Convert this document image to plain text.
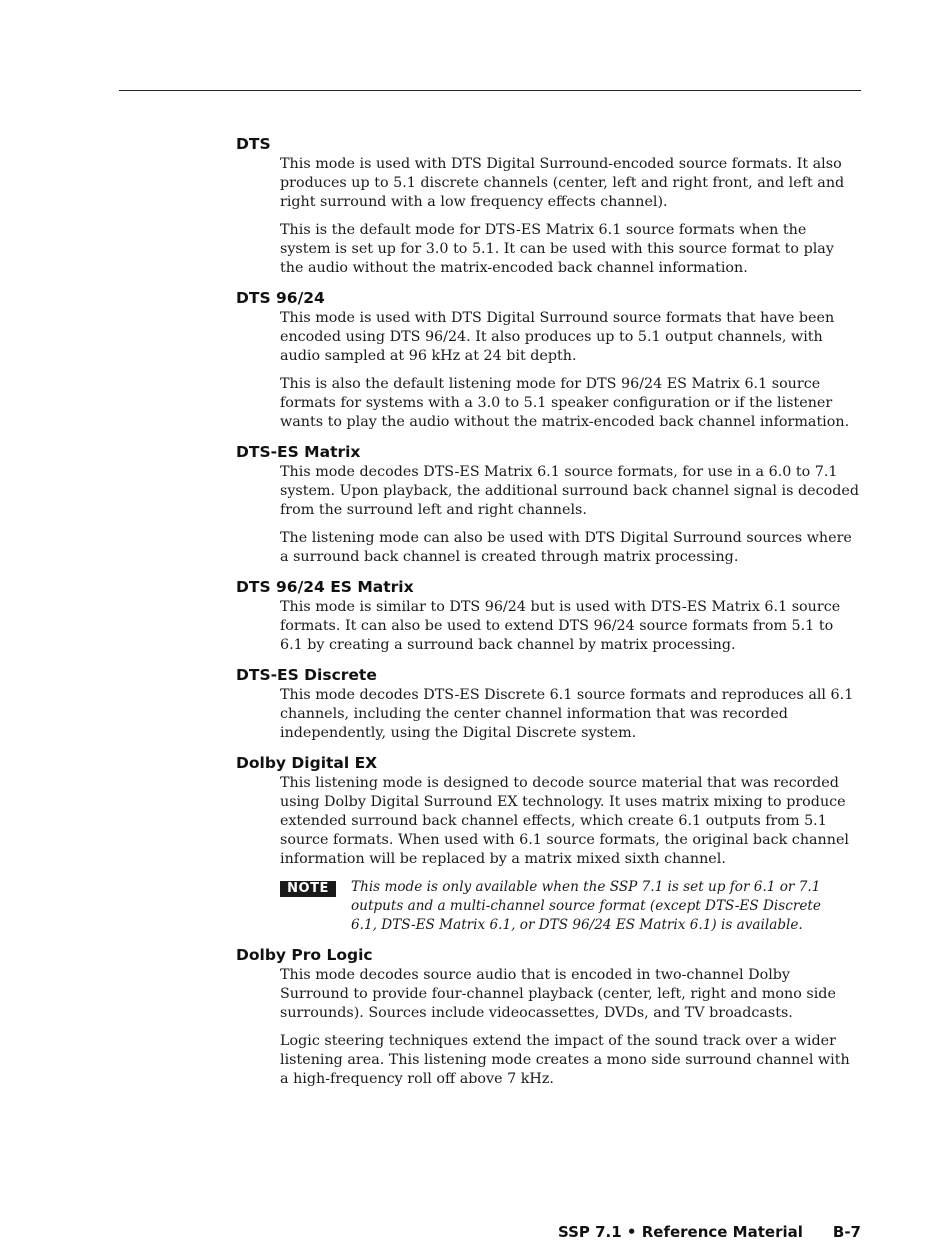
DTS

This mode is used with DTS Digital Surround-encoded source formats. It also produces up to 5.1 discrete channels (center, left and right front, and left and right surround with a low frequency effects channel).

This is the default mode for DTS-ES Matrix 6.1 source formats when the system is set up for 3.0 to 5.1. It can be used with this source format to play the audio without the matrix-encoded back channel information.

DTS 96/24

This mode is used with DTS Digital Surround source formats that have been encoded using DTS 96/24. It also produces up to 5.1 output channels, with audio sampled at 96 kHz at 24 bit depth.

This is also the default listening mode for DTS 96/24 ES Matrix 6.1 source formats for systems with a 3.0 to 5.1 speaker configuration or if the listener wants to play the audio without the matrix-encoded back channel information.

DTS-ES Matrix

This mode decodes DTS-ES Matrix 6.1 source formats, for use in a 6.0 to 7.1 system. Upon playback, the additional surround back channel signal is decoded from the surround left and right channels.

The listening mode can also be used with DTS Digital Surround sources where a surround back channel is created through matrix processing.

DTS 96/24 ES Matrix

This mode is similar to DTS 96/24 but is used with DTS-ES Matrix 6.1 source formats. It can also be used to extend DTS 96/24 source formats from 5.1 to 6.1 by creating a surround back channel by matrix processing.

DTS-ES Discrete

This mode decodes DTS-ES Discrete 6.1 source formats and reproduces all 6.1 channels, including the center channel information that was recorded independently, using the Digital Discrete system.

Dolby Digital EX

This listening mode is designed to decode source material that was recorded using Dolby Digital Surround EX technology. It uses matrix mixing to produce extended surround back channel effects, which create 6.1 outputs from 5.1 source formats. When used with 6.1 source formats, the original back channel information will be replaced by a matrix mixed sixth channel.

NOTE	This mode is only available when the SSP 7.1 is set up for 6.1 or 7.1 outputs and a multi-channel source format (except DTS-ES Discrete 6.1, DTS-ES Matrix 6.1, or DTS 96/24 ES Matrix 6.1) is available.
Dolby Pro Logic

This mode decodes source audio that is encoded in two-channel Dolby Surround to provide four-channel playback (center, left, right and mono side surrounds). Sources include videocassettes, DVDs, and TV broadcasts.

Logic steering techniques extend the impact of the sound track over a wider listening area. This listening mode creates a mono side surround channel with a high-frequency roll off above 7 kHz.

SSP 7.1 • Reference Material B-7
